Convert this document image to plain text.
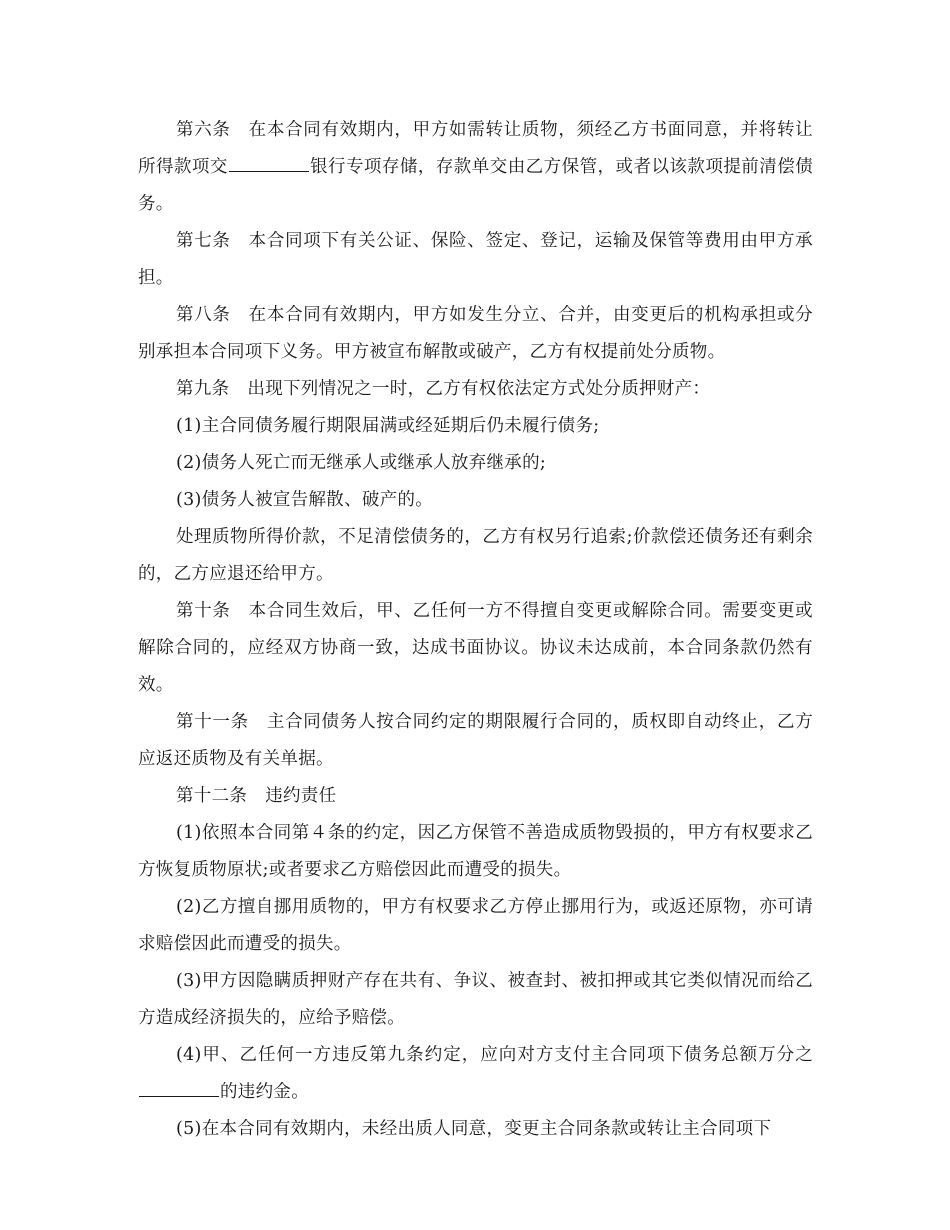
第六条 在本合同有效期内，甲方如需转让质物，须经乙方书面同意，并将转让所得款项交	银行专项存储，存款单交由乙方保管，或者以该款项提前清偿债务。

第七条 本合同项下有关公证、保险、签定、登记，运输及保管等费用由甲方承担。

第八条 在本合同有效期内，甲方如发生分立、合并，由变更后的机构承担或分别承担本合同项下义务。甲方被宣布解散或破产，乙方有权提前处分质物。

第九条 出现下列情况之一时，乙方有权依法定方式处分质押财产：

(1)主合同债务履行期限届满或经延期后仍未履行债务;

(2)债务人死亡而无继承人或继承人放弃继承的;

(3)债务人被宣告解散、破产的。

处理质物所得价款，不足清偿债务的，乙方有权另行追索;价款偿还债务还有剩余的，乙方应退还给甲方。

第十条 本合同生效后，甲、乙任何一方不得擅自变更或解除合同。需要变更或解除合同的，应经双方协商一致，达成书面协议。协议未达成前，本合同条款仍然有效。

第十一条 主合同债务人按合同约定的期限履行合同的，质权即自动终止，乙方应返还质物及有关单据。

第十二条 违约责任

(1)依照本合同第４条的约定，因乙方保管不善造成质物毁损的，甲方有权要求乙方恢复质物原状;或者要求乙方赔偿因此而遭受的损失。

(2)乙方擅自挪用质物的，甲方有权要求乙方停止挪用行为，或返还原物，亦可请求赔偿因此而遭受的损失。

(3)甲方因隐瞒质押财产存在共有、争议、被查封、被扣押或其它类似情况而给乙方造成经济损失的，应给予赔偿。

(4)甲、乙任何一方违反第九条约定，应向对方支付主合同项下债务总额万分之的违约金。

(5)在本合同有效期内，未经出质人同意，变更主合同条款或转让主合同项下
